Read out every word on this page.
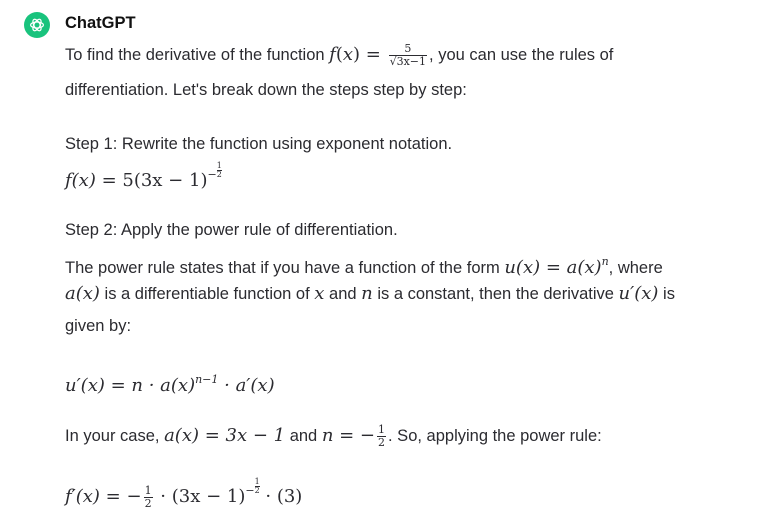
ChatGPT
To find the derivative of the function $f(x) = \frac{5}{√3x-1}$ , you can use the rules of
differentiation. Let's break down the steps step by step:
Step 1: Rewrite the function using exponent notation.
$f(x) = 5(3x - 1)^- \frac{1}{2}$
Step 2: Apply the power rule of differentiation.
The power rule states that if you have a function of the form $u(x) = a(x)^n$, where
a(x) is a differentiable function of x and n is a constant, then the derivative u′(x) is
given by:
$u'(x) = n \cdot a(x)^{n-1} \cdot a'(x)$
In your case, a(x) = 3x − 1 and n = − $\frac{1}{2}$ . So, applying the power rule:
f′(x) = − $\frac{1}{2} \cdot (3x - 1)^- \frac{1}{2} \cdot (3)$
